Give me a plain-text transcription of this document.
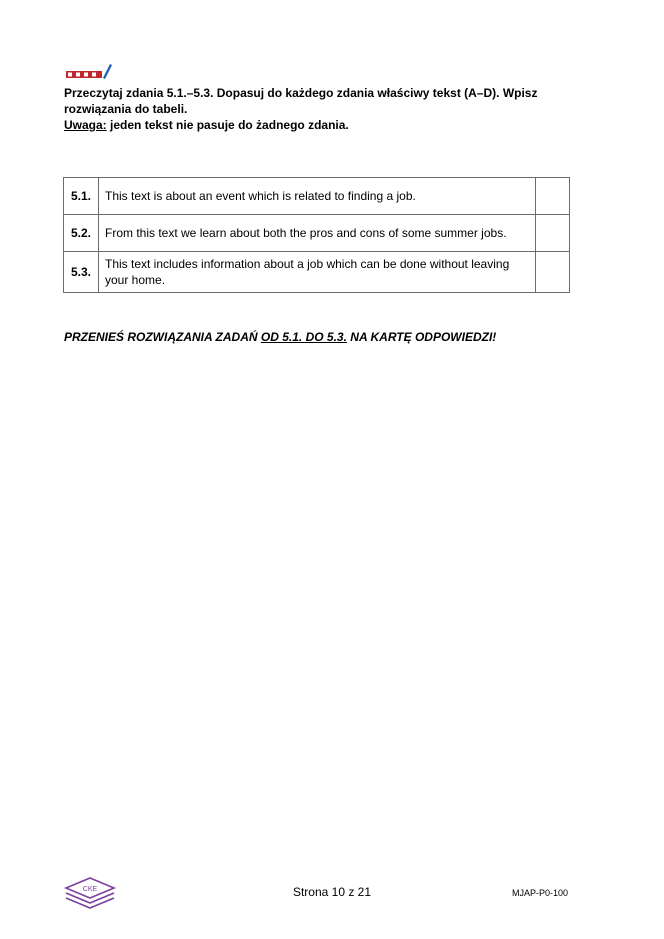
Przeczytaj zdania 5.1.–5.3. Dopasuj do każdego zdania właściwy tekst (A–D). Wpisz
rozwiązania do tabeli.
Uwaga: jeden tekst nie pasuje do żadnego zdania.
5.1.	This text is about an event which is related to finding a job.	
5.2.	From this text we learn about both the pros and cons of some summer jobs.	
5.3.	This text includes information about a job which can be done without leaving your home.	
PRZENIEŚ ROZWIĄZANIA ZADAŃ OD 5.1. DO 5.3. NA KARTĘ ODPOWIEDZI!
CKE	Strona 10 z 21	MJAP-P0-100
